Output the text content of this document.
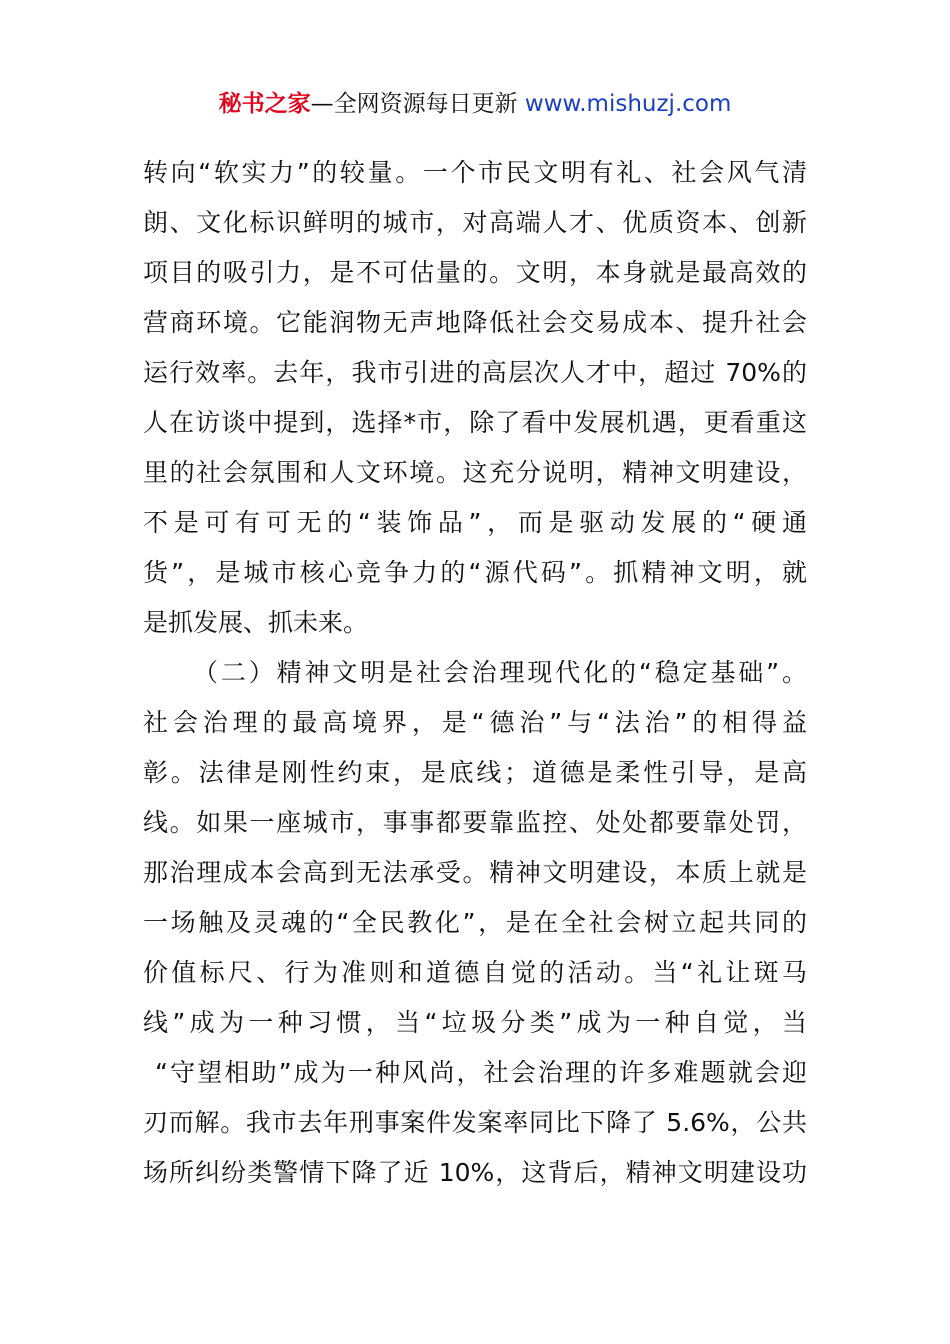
秘书之家—全网资源每日更新 www.mishuzj.com
转向“软实力”的较量。一个市民文明有礼、社会风气清
朗、文化标识鲜明的城市，对高端人才、优质资本、创新
项目的吸引力，是不可估量的。文明，本身就是最高效的
营商环境。它能润物无声地降低社会交易成本、提升社会
运行效率。去年，我市引进的高层次人才中，超过 70%的
人在访谈中提到，选择*市，除了看中发展机遇，更看重这
里的社会氛围和人文环境。这充分说明，精神文明建设，
不是可有可无的“装饰品”，而是驱动发展的“硬通
货”，是城市核心竞争力的“源代码”。抓精神文明，就
是抓发展、抓未来。
（二）精神文明是社会治理现代化的“稳定基础”。
社会治理的最高境界，是“德治”与“法治”的相得益
彰。法律是刚性约束，是底线；道德是柔性引导，是高
线。如果一座城市，事事都要靠监控、处处都要靠处罚，
那治理成本会高到无法承受。精神文明建设，本质上就是
一场触及灵魂的“全民教化”，是在全社会树立起共同的
价值标尺、行为准则和道德自觉的活动。当“礼让斑马
线”成为一种习惯，当“垃圾分类”成为一种自觉，当
“守望相助”成为一种风尚，社会治理的许多难题就会迎
刃而解。我市去年刑事案件发案率同比下降了 5.6%，公共
场所纠纷类警情下降了近 10%，这背后，精神文明建设功
